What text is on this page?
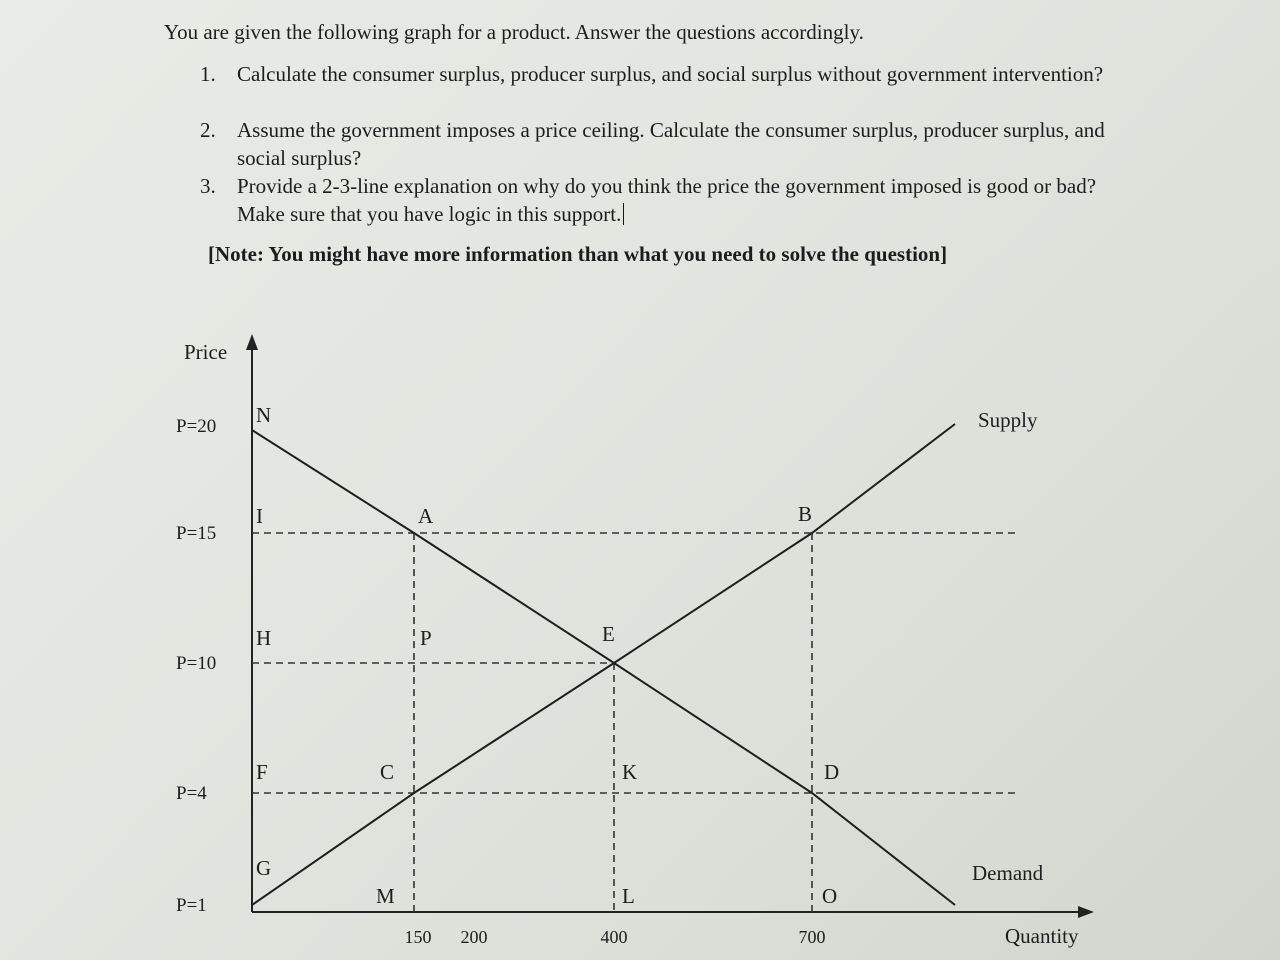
You are given the following graph for a product. Answer the questions accordingly.
1.	Calculate the consumer surplus, producer surplus, and social surplus without government intervention?
2.	Assume the government imposes a price ceiling. Calculate the consumer surplus, producer surplus, and social surplus?
3.	Provide a 2-3-line explanation on why do you think the price the government imposed is good or bad? Make sure that you have logic in this support.
[Note: You might have more information than what you need to solve the question]
P=20
P=15
P=10
P=4
P=1
150 200	400	700
N
I	A	B
H	P	E
F	C	K	D
G
M	L	O
Price
Quantity
Supply
Demand
